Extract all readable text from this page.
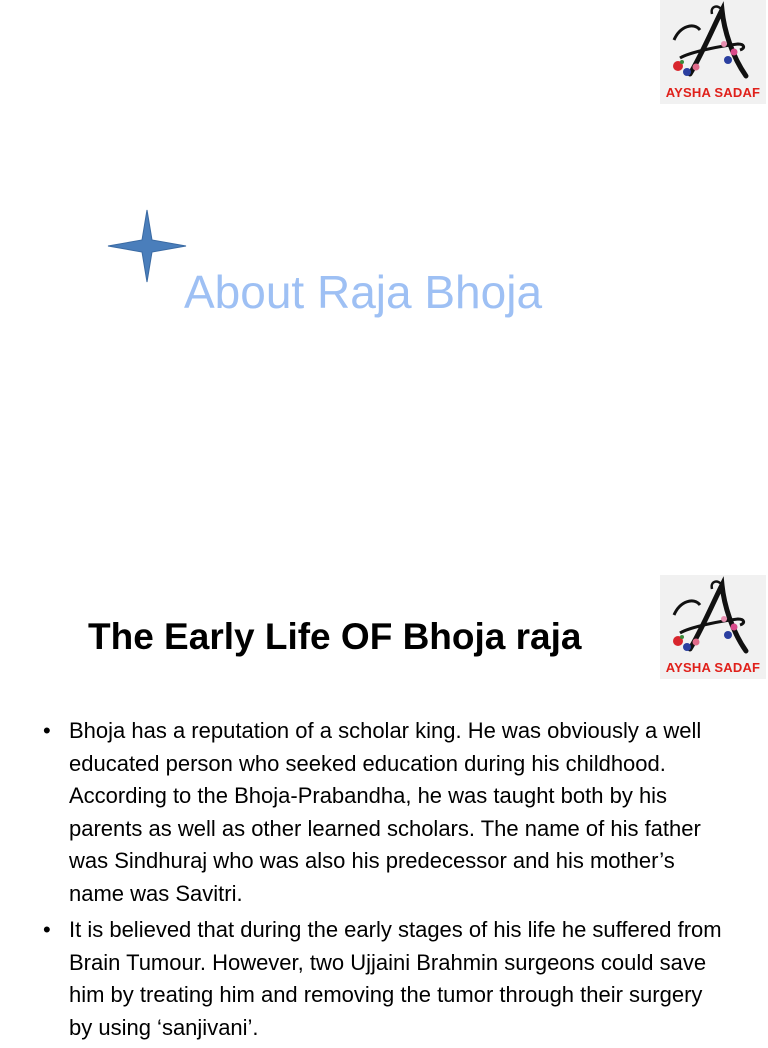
AYSHA SADAF
About Raja Bhoja
AYSHA SADAF
The Early Life OF Bhoja raja
• Bhoja has a reputation of a scholar king. He was obviously a well educated person who seeked education during his childhood. According to the Bhoja-Prabandha, he was taught both by his parents as well as other learned scholars. The name of his father was Sindhuraj who was also his predecessor and his mother’s name was Savitri.
• It is believed that during the early stages of his life he suffered from Brain Tumour. However, two Ujjaini Brahmin surgeons could save him by treating him and removing the tumor through their surgery by using ‘sanjivani’.
